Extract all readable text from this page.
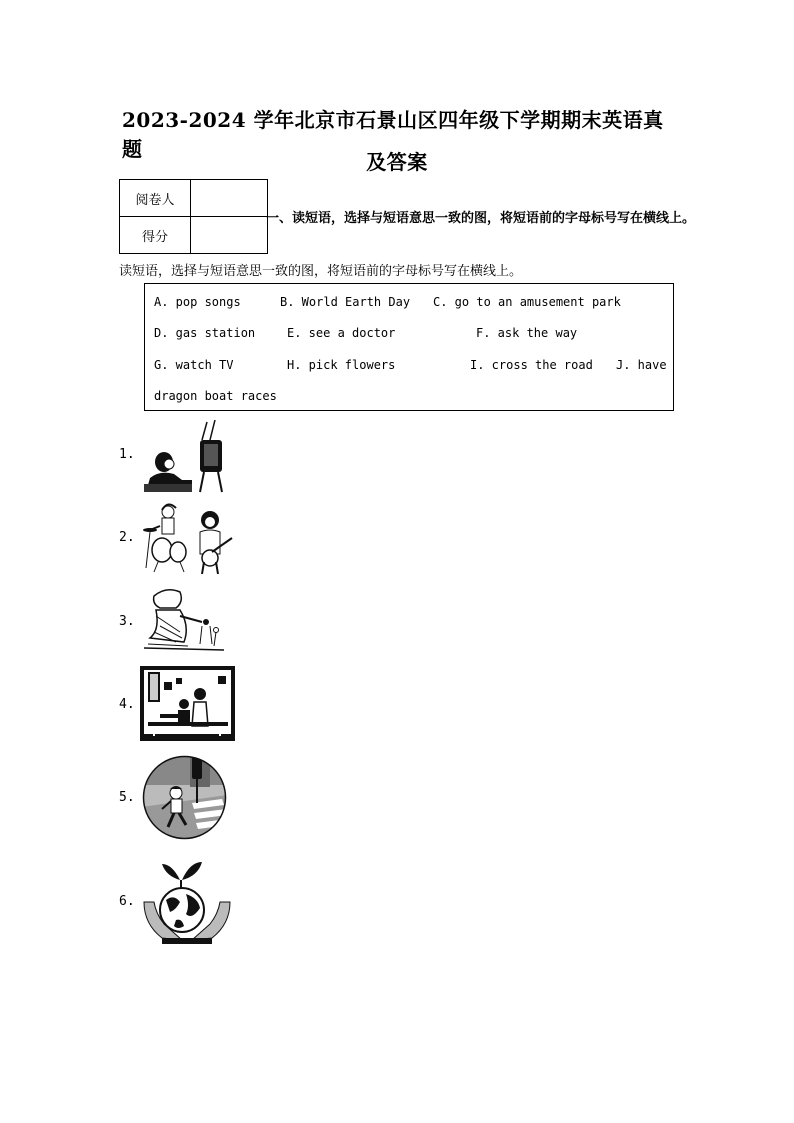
2023-2024 学年北京市石景山区四年级下学期期末英语真题
及答案
阅卷人	
得分	
一、读短语，选择与短语意思一致的图，将短语前的字母标号写在横线上。
读短语，选择与短语意思一致的图，将短语前的字母标号写在横线上。
A. pop songs	B. World Earth Day C. go to an amusement park
D. gas station	E. see a doctor	F. ask the way
G. watch TV	H. pick flowers	I. cross the road J. have
dragon boat races
1.
2.
3.
4.
5.
6.
